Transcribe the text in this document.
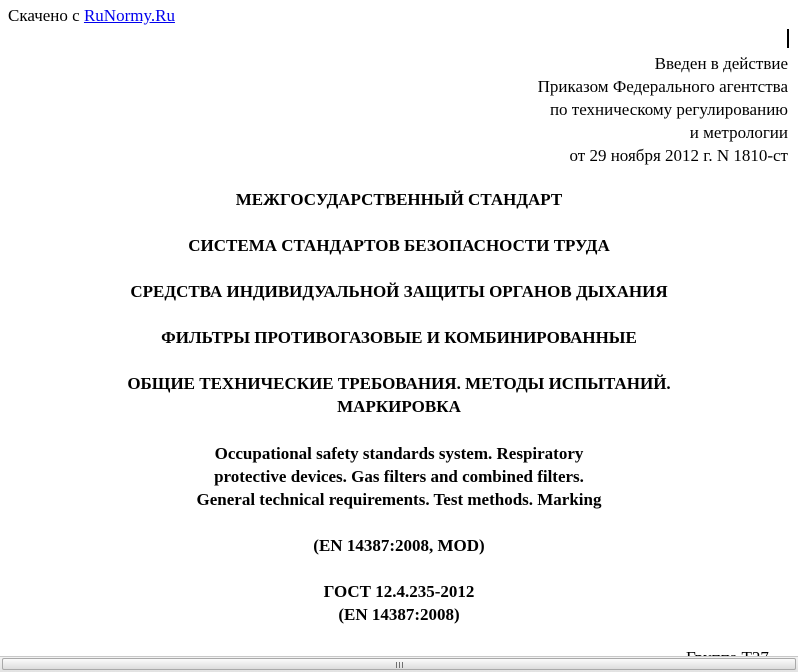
Скачено с RuNormy.Ru
Введен в действие
Приказом Федерального агентства
по техническому регулированию
и метрологии
от 29 ноября 2012 г. N 1810-ст
МЕЖГОСУДАРСТВЕННЫЙ СТАНДАРТ
СИСТЕМА СТАНДАРТОВ БЕЗОПАСНОСТИ ТРУДА
СРЕДСТВА ИНДИВИДУАЛЬНОЙ ЗАЩИТЫ ОРГАНОВ ДЫХАНИЯ
ФИЛЬТРЫ ПРОТИВОГАЗОВЫЕ И КОМБИНИРОВАННЫЕ
ОБЩИЕ ТЕХНИЧЕСКИЕ ТРЕБОВАНИЯ. МЕТОДЫ ИСПЫТАНИЙ.
МАРКИРОВКА
Occupational safety standards system. Respiratory
protective devices. Gas filters and combined filters.
General technical requirements. Test methods. Marking
(EN 14387:2008, MOD)
ГОСТ 12.4.235-2012
(EN 14387:2008)
